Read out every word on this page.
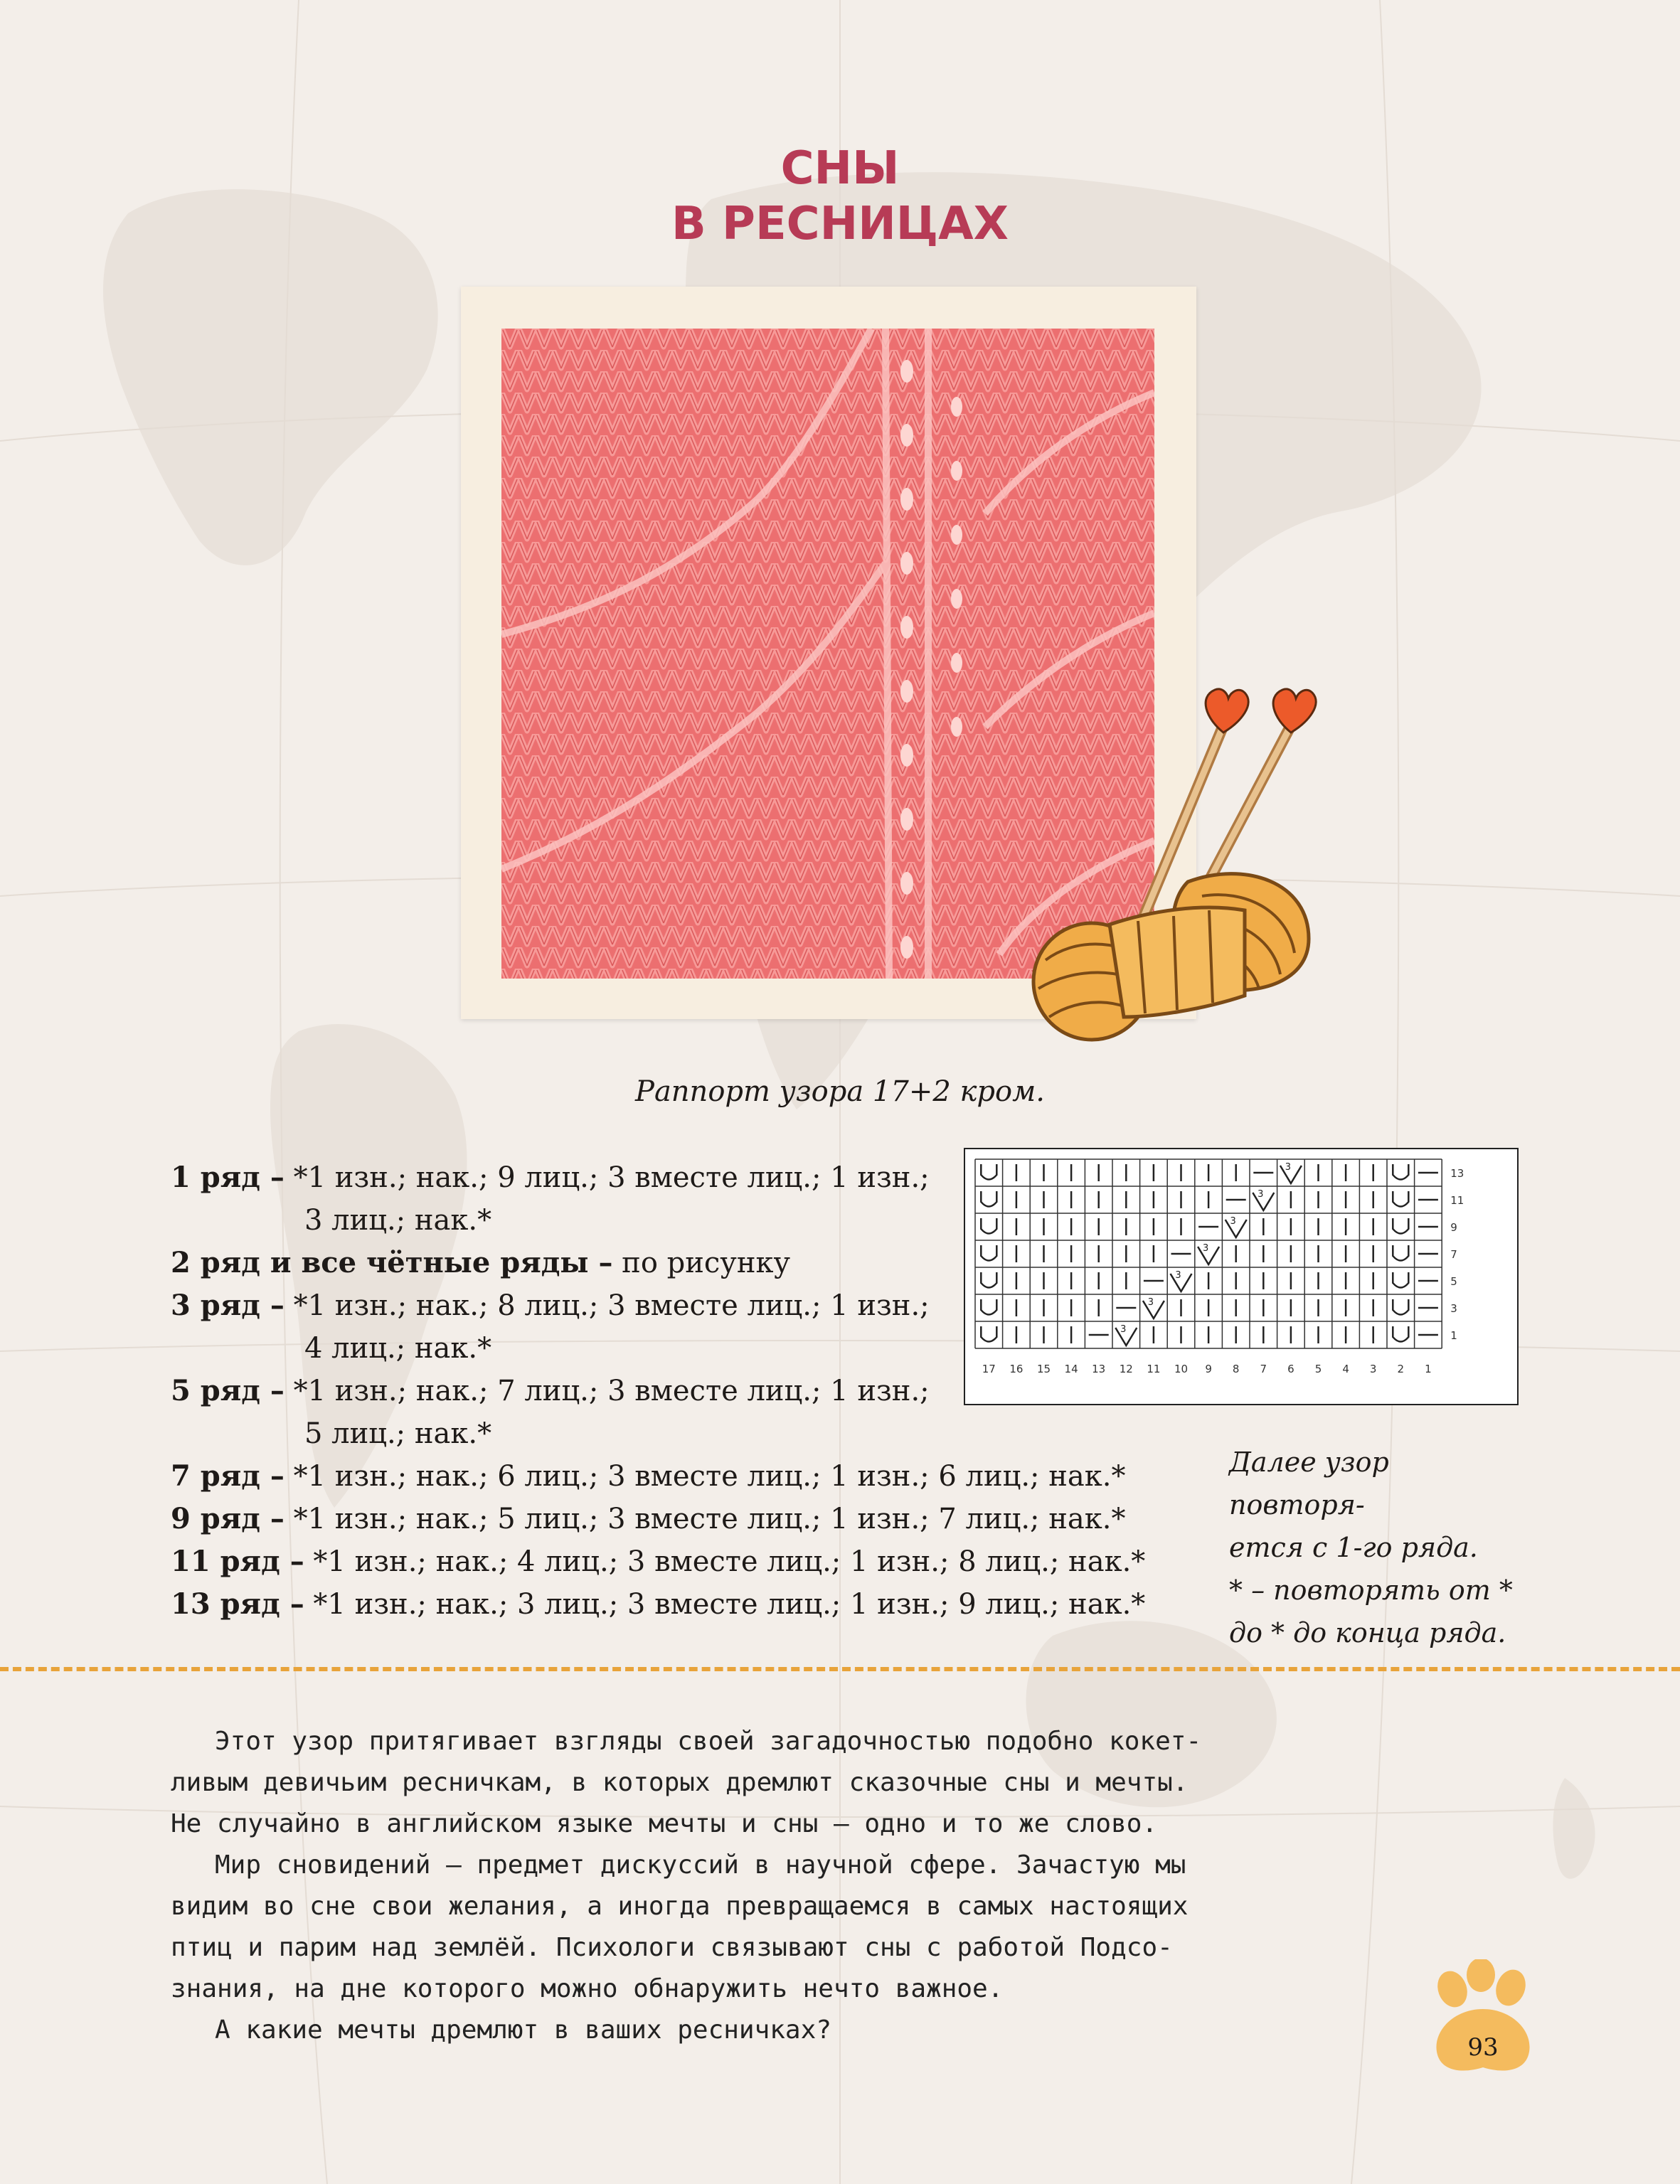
СНЫ
В РЕСНИЦАХ
Раппорт узора 17+2 кром.
1 ряд – *1 изн.; нак.; 9 лиц.; 3 вместе лиц.; 1 изн.;
3 лиц.; нак.*
2 ряд и все чётные ряды – по рисунку
3 ряд – *1 изн.; нак.; 8 лиц.; 3 вместе лиц.; 1 изн.;
4 лиц.; нак.*
5 ряд – *1 изн.; нак.; 7 лиц.; 3 вместе лиц.; 1 изн.;
5 лиц.; нак.*
7 ряд – *1 изн.; нак.; 6 лиц.; 3 вместе лиц.; 1 изн.; 6 лиц.; нак.*
9 ряд – *1 изн.; нак.; 5 лиц.; 3 вместе лиц.; 1 изн.; 7 лиц.; нак.*
11 ряд – *1 изн.; нак.; 4 лиц.; 3 вместе лиц.; 1 изн.; 8 лиц.; нак.*
13 ряд – *1 изн.; нак.; 3 лиц.; 3 вместе лиц.; 1 изн.; 9 лиц.; нак.*
3
3
3
3
3
3
3
13
11
9
7
5
3
1
17 16 15 14 13 12 11 10 9 8 7 6 5 4 3 2 1
Далее узор повторя-
ется с 1-го ряда.
* – повторять от *
до * до конца ряда.

Этот узор притягивает взгляды своей загадочностью подобно кокет-

ливым девичьим ресничкам, в которых дремлют сказочные сны и мечты.

Не случайно в английском языке мечты и сны – одно и то же слово.

Мир сновидений – предмет дискуссий в научной сфере. Зачастую мы

видим во сне свои желания, а иногда превращаемся в самых настоящих

птиц и парим над землёй. Психологи связывают сны с работой Подсо-

знания, на дне которого можно обнаружить нечто важное.

А какие мечты дремлют в ваших ресничках?

93
